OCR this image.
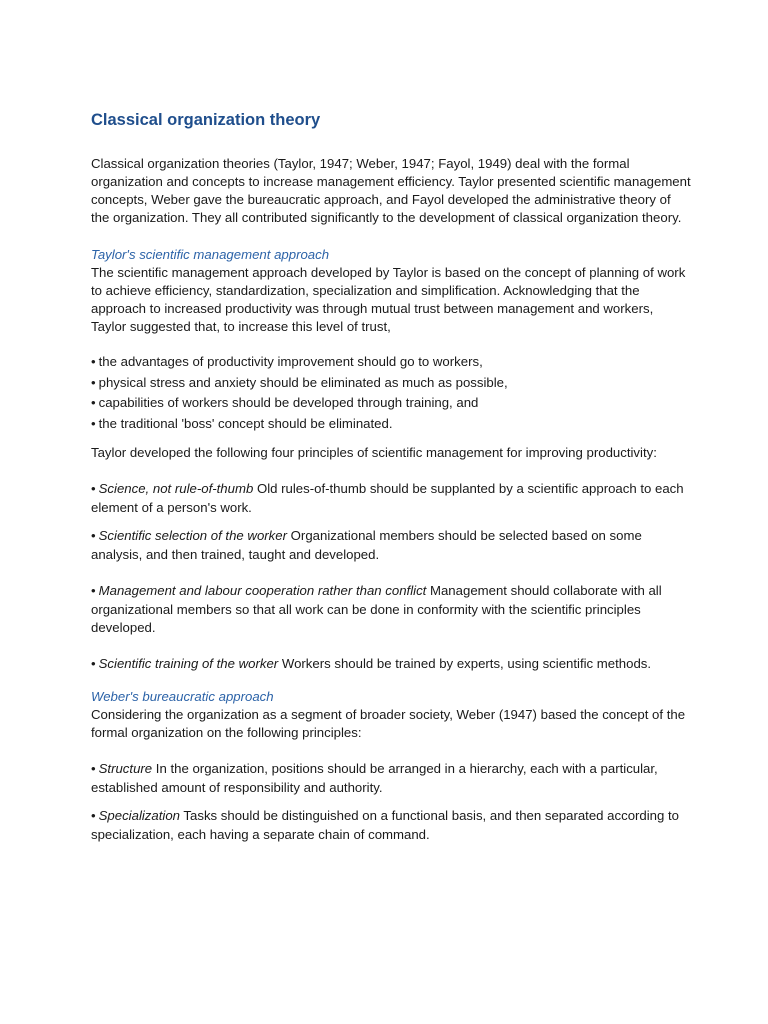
Classical organization theory

Classical organization theories (Taylor, 1947; Weber, 1947; Fayol, 1949) deal with the formal organization and concepts to increase management efficiency. Taylor presented scientific management concepts, Weber gave the bureaucratic approach, and Fayol developed the administrative theory of the organization. They all contributed significantly to the development of classical organization theory.

Taylor's scientific management approach

The scientific management approach developed by Taylor is based on the concept of planning of work to achieve efficiency, standardization, specialization and simplification. Acknowledging that the approach to increased productivity was through mutual trust between management and workers, Taylor suggested that, to increase this level of trust,

• the advantages of productivity improvement should go to workers,
• physical stress and anxiety should be eliminated as much as possible,
• capabilities of workers should be developed through training, and
• the traditional 'boss' concept should be eliminated.

Taylor developed the following four principles of scientific management for improving productivity:

• Science, not rule-of-thumb Old rules-of-thumb should be supplanted by a scientific approach to each element of a person's work.

• Scientific selection of the worker Organizational members should be selected based on some analysis, and then trained, taught and developed.

• Management and labour cooperation rather than conflict Management should collaborate with all organizational members so that all work can be done in conformity with the scientific principles developed.

• Scientific training of the worker Workers should be trained by experts, using scientific methods.

Weber's bureaucratic approach

Considering the organization as a segment of broader society, Weber (1947) based the concept of the formal organization on the following principles:

• Structure In the organization, positions should be arranged in a hierarchy, each with a particular, established amount of responsibility and authority.

• Specialization Tasks should be distinguished on a functional basis, and then separated according to specialization, each having a separate chain of command.
